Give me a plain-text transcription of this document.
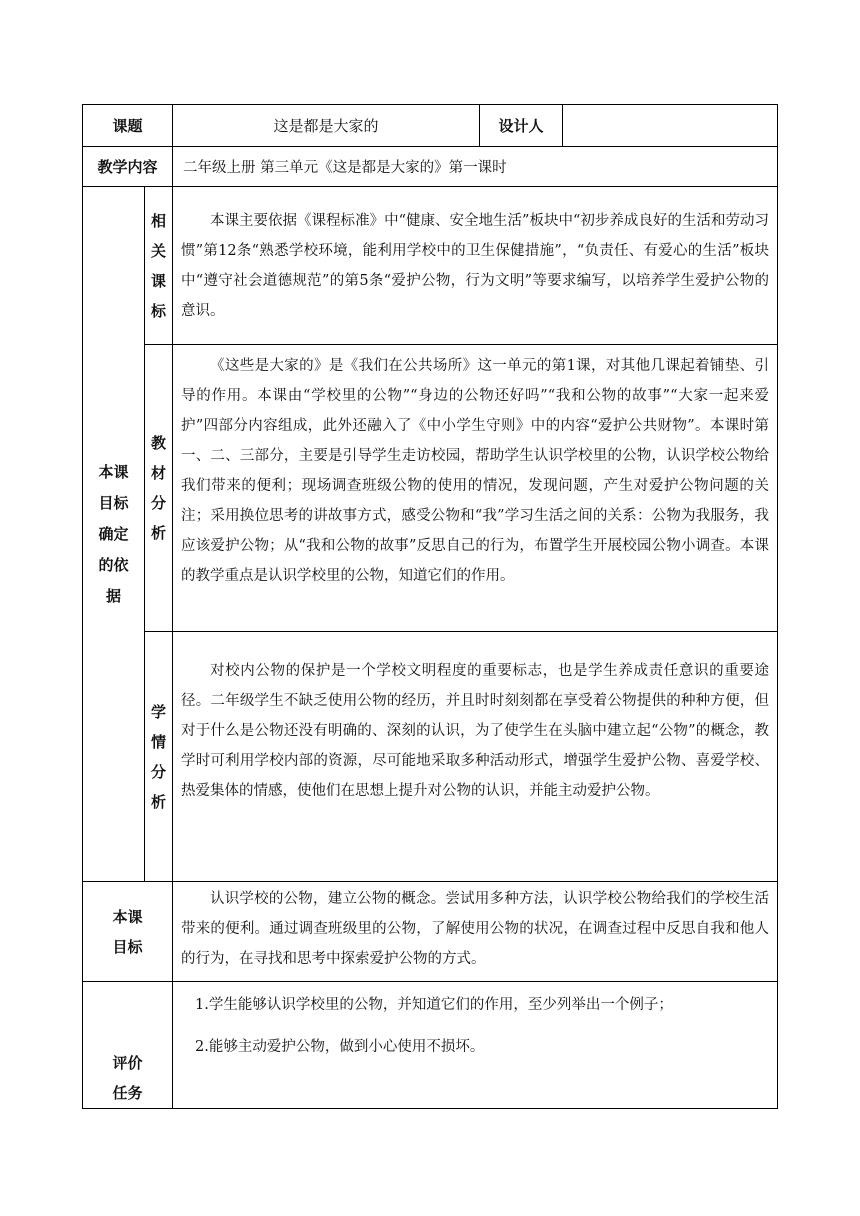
课题	这是都是大家的	设计人
教学内容 二年级上册 第三单元《这是都是大家的》第一课时
本课目标确定的依据
相关课标

本课主要依据《课程标准》中“健康、安全地生活”板块中“初步养成良好的生活和劳动习惯”第12条“熟悉学校环境，能利用学校中的卫生保健措施”，“负责任、有爱心的生活”板块中“遵守社会道德规范”的第5条“爱护公物，行为文明”等要求编写，以培养学生爱护公物的意识。

教材分析

《这些是大家的》是《我们在公共场所》这一单元的第1课，对其他几课起着铺垫、引导的作用。本课由“学校里的公物”“身边的公物还好吗”“我和公物的故事”“大家一起来爱护”四部分内容组成，此外还融入了《中小学生守则》中的内容“爱护公共财物”。本课时第一、二、三部分，主要是引导学生走访校园，帮助学生认识学校里的公物，认识学校公物给我们带来的便利；现场调查班级公物的使用的情况，发现问题，产生对爱护公物问题的关注；采用换位思考的讲故事方式，感受公物和“我”学习生活之间的关系：公物为我服务，我应该爱护公物；从“我和公物的故事”反思自己的行为，布置学生开展校园公物小调查。本课的教学重点是认识学校里的公物，知道它们的作用。

学情分析

对校内公物的保护是一个学校文明程度的重要标志，也是学生养成责任意识的重要途径。二年级学生不缺乏使用公物的经历，并且时时刻刻都在享受着公物提供的种种方便，但对于什么是公物还没有明确的、深刻的认识，为了使学生在头脑中建立起“公物”的概念，教学时可利用学校内部的资源，尽可能地采取多种活动形式，增强学生爱护公物、喜爱学校、热爱集体的情感，使他们在思想上提升对公物的认识，并能主动爱护公物。

本课目标

认识学校的公物，建立公物的概念。尝试用多种方法，认识学校公物给我们的学校生活带来的便利。通过调查班级里的公物，了解使用公物的状况，在调查过程中反思自我和他人的行为，在寻找和思考中探索爱护公物的方式。

评价任务

1.学生能够认识学校里的公物，并知道它们的作用，至少列举出一个例子；

2.能够主动爱护公物，做到小心使用不损坏。
